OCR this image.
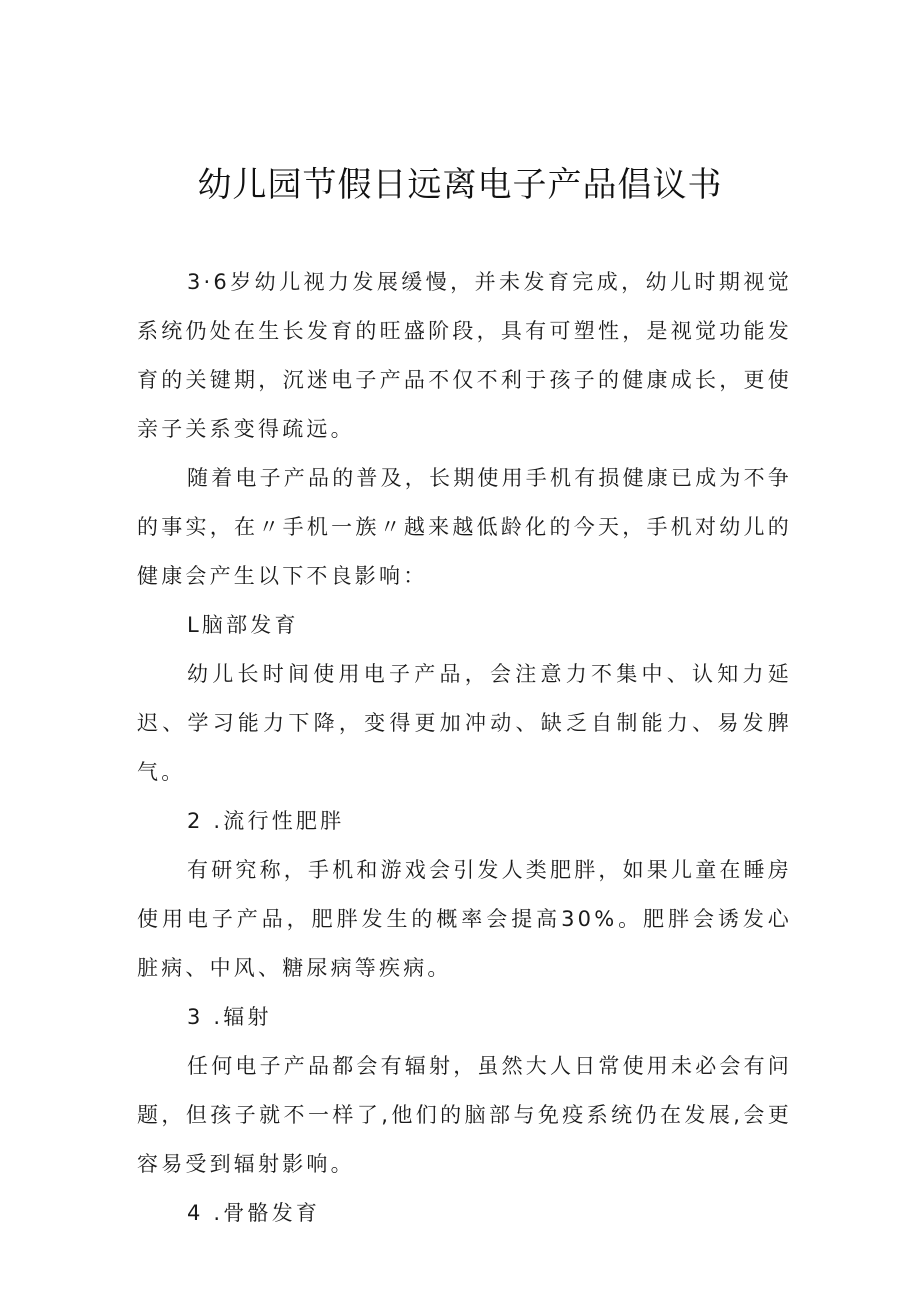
幼儿园节假日远离电子产品倡议书

3·6岁幼儿视力发展缓慢，并未发育完成，幼儿时期视觉系统仍处在生长发育的旺盛阶段，具有可塑性，是视觉功能发育的关键期，沉迷电子产品不仅不利于孩子的健康成长，更使亲子关系变得疏远。

随着电子产品的普及，长期使用手机有损健康已成为不争的事实，在〃手机一族〃越来越低龄化的今天，手机对幼儿的健康会产生以下不良影响：

L脑部发育

幼儿长时间使用电子产品，会注意力不集中、认知力延迟、学习能力下降，变得更加冲动、缺乏自制能力、易发脾气。

2 .流行性肥胖

有研究称，手机和游戏会引发人类肥胖，如果儿童在睡房使用电子产品，肥胖发生的概率会提高30%。肥胖会诱发心脏病、中风、糖尿病等疾病。

3 .辐射

任何电子产品都会有辐射，虽然大人日常使用未必会有问题，但孩子就不一样了,他们的脑部与免疫系统仍在发展,会更容易受到辐射影响。

4 .骨骼发育
